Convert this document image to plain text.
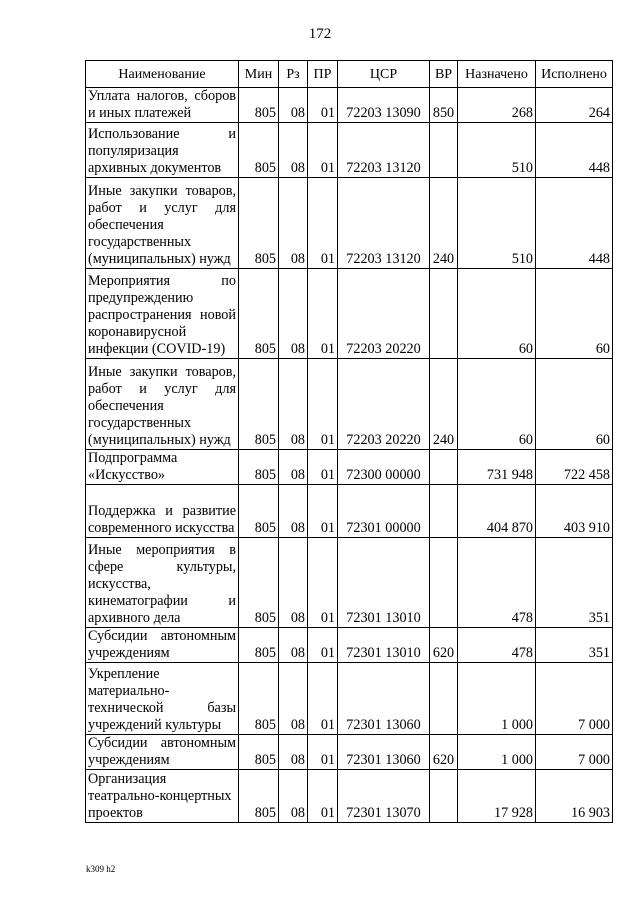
172
Наименование	Мин	Рз	ПР	ЦСР	ВР	Назначено	Исполнено
Уплата налогов, сборов и иных платежей	805	08	01	72203 13090	850	268	264
Использование и популяризация архивных документов	805	08	01	72203 13120		510	448
Иные закупки товаров, работ и услуг для обеспечения государственных (муниципальных) нужд	805	08	01	72203 13120	240	510	448
Мероприятия по предупреждению распространения новой коронавирусной инфекции (COVID-19)	805	08	01	72203 20220		60	60
Иные закупки товаров, работ и услуг для обеспечения государственных (муниципальных) нужд	805	08	01	72203 20220	240	60	60
Подпрограмма «Искусство»	805	08	01	72300 00000		731 948	722 458
Поддержка и развитие современного искусства	805	08	01	72301 00000		404 870	403 910
Иные мероприятия в сфере культуры, искусства, кинематографии и архивного дела	805	08	01	72301 13010		478	351
Субсидии автономным учреждениям	805	08	01	72301 13010	620	478	351
Укрепление материально-технической базы учреждений культуры	805	08	01	72301 13060		1 000	7 000
Субсидии автономным учреждениям	805	08	01	72301 13060	620	1 000	7 000
Организация театрально-концертных проектов	805	08	01	72301 13070		17 928	16 903
k309 h2
